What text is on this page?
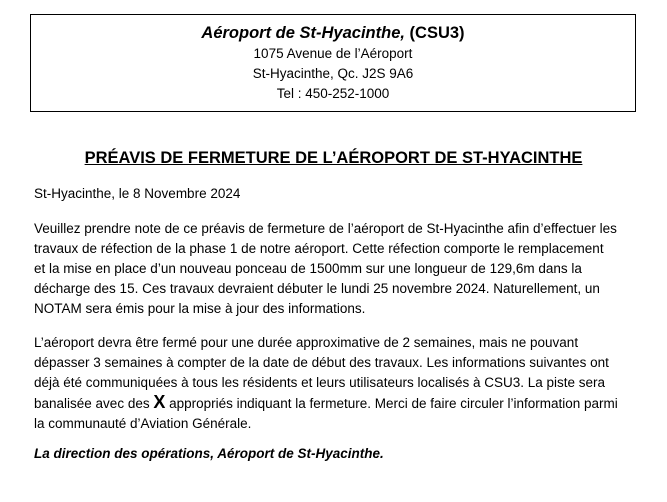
Aéroport de St-Hyacinthe, (CSU3)
1075 Avenue de l’Aéroport
St-Hyacinthe, Qc. J2S 9A6
Tel : 450-252-1000
PRÉAVIS DE FERMETURE DE L’AÉROPORT DE ST-HYACINTHE
St-Hyacinthe, le 8 Novembre 2024
Veuillez prendre note de ce préavis de fermeture de l’aéroport de St-Hyacinthe afin d’effectuer les
travaux de réfection de la phase 1 de notre aéroport. Cette réfection comporte le remplacement
et la mise en place d’un nouveau ponceau de 1500mm sur une longueur de 129,6m dans la
décharge des 15. Ces travaux devraient débuter le lundi 25 novembre 2024. Naturellement, un
NOTAM sera émis pour la mise à jour des informations.
L’aéroport devra être fermé pour une durée approximative de 2 semaines, mais ne pouvant
dépasser 3 semaines à compter de la date de début des travaux. Les informations suivantes ont
déjà été communiquées à tous les résidents et leurs utilisateurs localisés à CSU3. La piste sera
banalisée avec des X appropriés indiquant la fermeture. Merci de faire circuler l’information parmi
la communauté d’Aviation Générale.
La direction des opérations, Aéroport de St-Hyacinthe.
